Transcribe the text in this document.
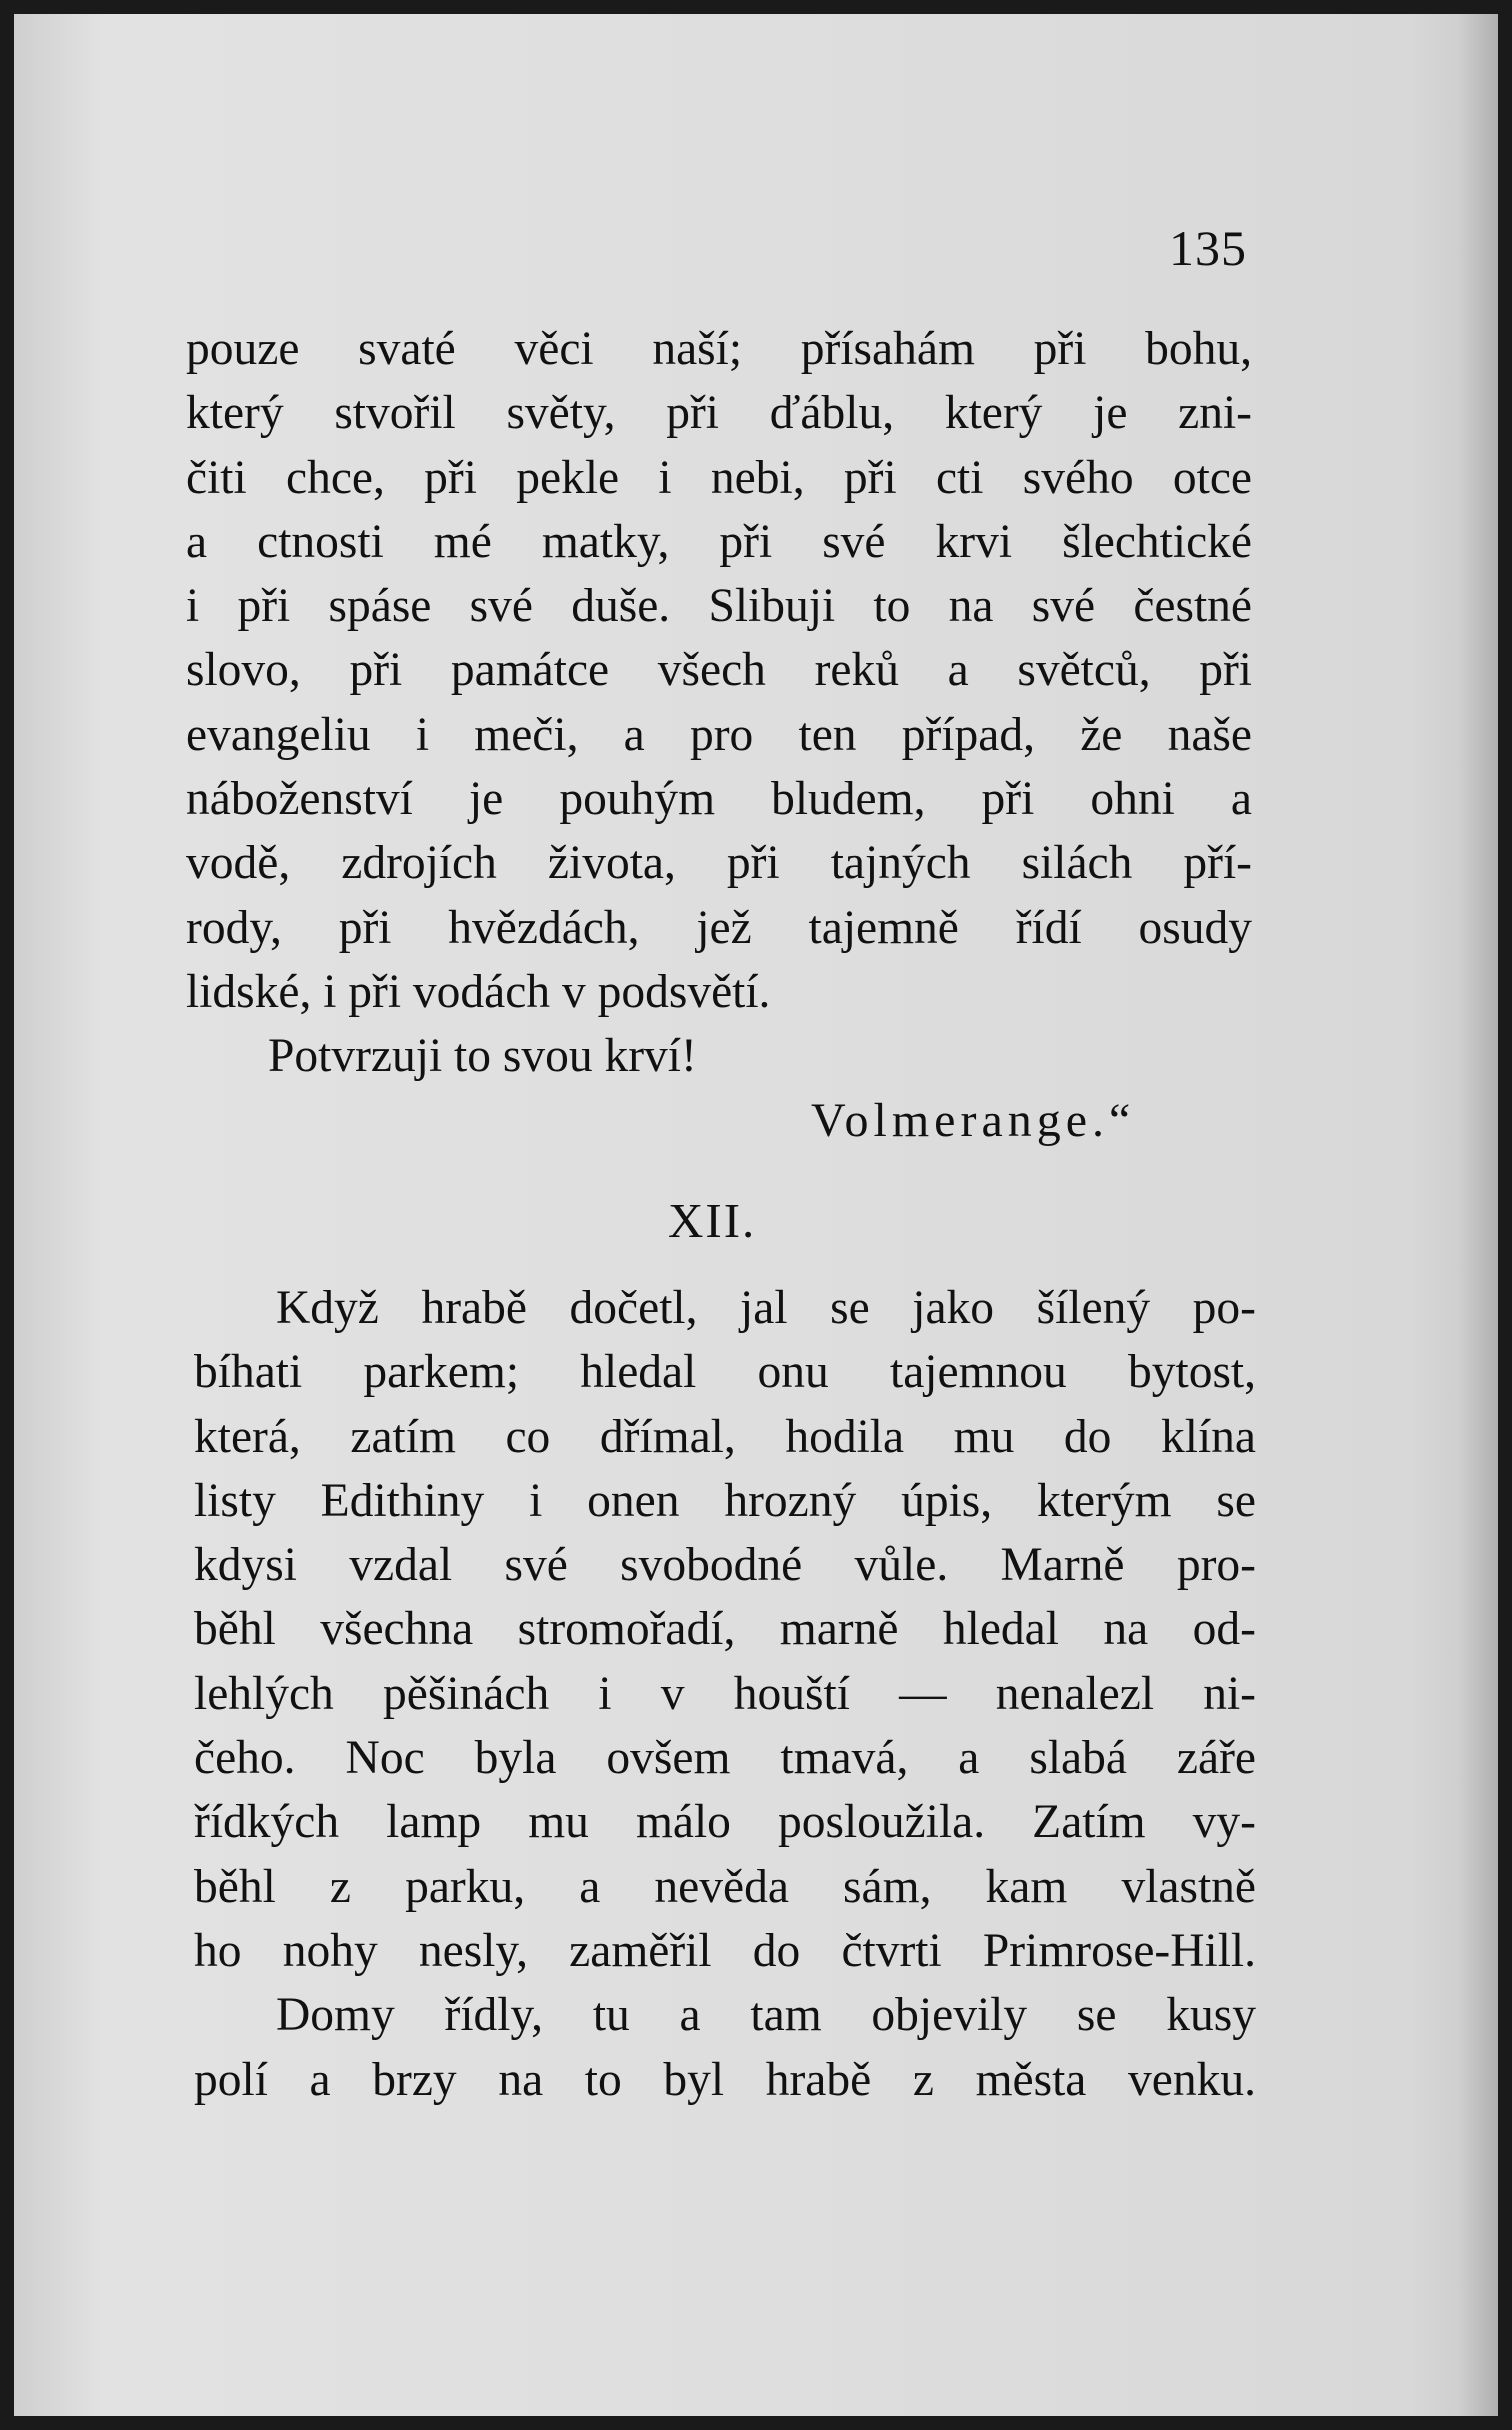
135
pouze svaté věci naší; přísahám při bohu,
který stvořil světy, při ďáblu, který je zni-
čiti chce, při pekle i nebi, při cti svého otce
a ctnosti mé matky, při své krvi šlechtické
i při spáse své duše. Slibuji to na své čestné
slovo, při památce všech reků a světců, při
evangeliu i meči, a pro ten případ, že naše
náboženství je pouhým bludem, při ohni a
vodě, zdrojích života, při tajných silách pří-
rody, při hvězdách, jež tajemně řídí osudy
lidské, i při vodách v podsvětí.
Potvrzuji to svou krví!
Volmerange.“
XII.
Když hrabě dočetl, jal se jako šílený po-
bíhati parkem; hledal onu tajemnou bytost,
která, zatím co dřímal, hodila mu do klína
listy Edithiny i onen hrozný úpis, kterým se
kdysi vzdal své svobodné vůle. Marně pro-
běhl všechna stromořadí, marně hledal na od-
lehlých pěšinách i v houští — nenalezl ni-
čeho. Noc byla ovšem tmavá, a slabá záře
řídkých lamp mu málo posloužila. Zatím vy-
běhl z parku, a nevěda sám, kam vlastně
ho nohy nesly, zaměřil do čtvrti Primrose-Hill.
Domy řídly, tu a tam objevily se kusy
polí a brzy na to byl hrabě z města venku.
